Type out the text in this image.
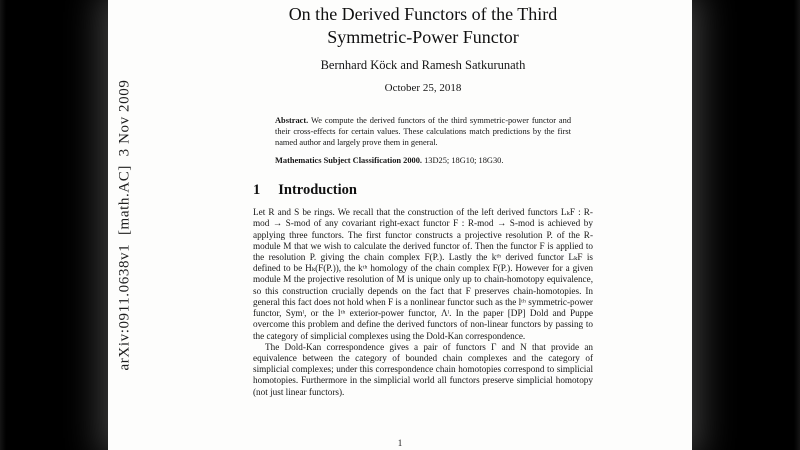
arXiv:0911.0638v1  [math.AC]  3 Nov 2009
On the Derived Functors of the Third Symmetric-Power Functor
Bernhard Köck and Ramesh Satkurunath
October 25, 2018

Abstract. We compute the derived functors of the third symmetric-power functor and their cross-effects for certain values. These calculations match predictions by the first named author and largely prove them in general.

Mathematics Subject Classification 2000. 13D25; 18G10; 18G30.

1 Introduction

Let R and S be rings. We recall that the construction of the left derived functors LₖF : R-mod → S-mod of any covariant right-exact functor F : R-mod → S-mod is achieved by applying three functors. The first functor constructs a projective resolution P. of the R-module M that we wish to calculate the derived functor of. Then the functor F is applied to the resolution P. giving the chain complex F(P.). Lastly the kᵗʰ derived functor LₖF is defined to be Hₖ(F(P.)), the kᵗʰ homology of the chain complex F(P.). However for a given module M the projective resolution of M is unique only up to chain-homotopy equivalence, so this construction crucially depends on the fact that F preserves chain-homotopies. In general this fact does not hold when F is a nonlinear functor such as the lᵗʰ symmetric-power functor, Symˡ, or the lᵗʰ exterior-power functor, Λˡ. In the paper [DP] Dold and Puppe overcome this problem and define the derived functors of non-linear functors by passing to the category of simplicial complexes using the Dold-Kan correspondence.

The Dold-Kan correspondence gives a pair of functors Γ and N that provide an equivalence between the category of bounded chain complexes and the category of simplicial complexes; under this correspondence chain homotopies correspond to simplicial homotopies. Furthermore in the simplicial world all functors preserve simplicial homotopy (not just linear functors).

1
